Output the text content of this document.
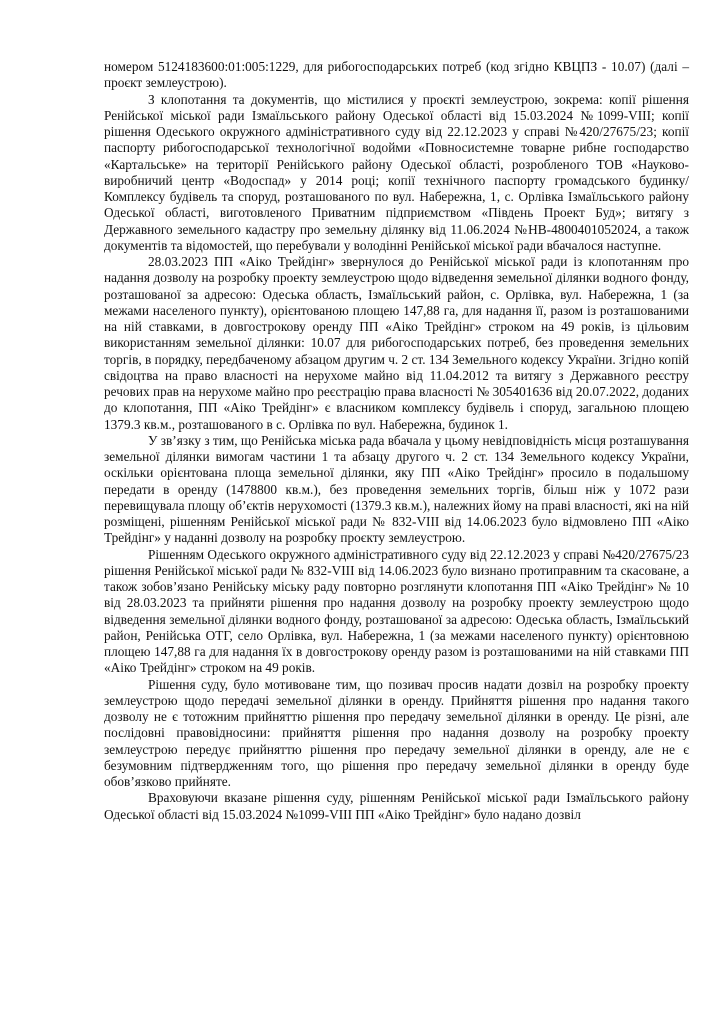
номером 5124183600:01:005:1229, для рибогосподарських потреб (код згідно КВЦПЗ - 10.07) (далі – проєкт землеустрою).

З клопотання та документів, що містилися у проєкті землеустрою, зокрема: копії рішення Ренійської міської ради Ізмаїльського району Одеської області від 15.03.2024 №1099-VIII; копії рішення Одеського окружного адміністративного суду від 22.12.2023 у справі №420/27675/23; копії паспорту рибогосподарської технологічної водойми «Повносистемне товарне рибне господарство «Картальське» на території Ренійського району Одеської області, розробленого ТОВ «Науково-виробничий центр «Водоспад» у 2014 році; копії технічного паспорту громадського будинку/Комплексу будівель та споруд, розташованого по вул. Набережна, 1, с. Орлівка Ізмаїльського району Одеської області, виготовленого Приватним підприємством «Південь Проект Буд»; витягу з Державного земельного кадастру про земельну ділянку від 11.06.2024 №НВ-4800401052024, а також документів та відомостей, що перебували у володінні Ренійської міської ради вбачалося наступне.

28.03.2023 ПП «Аіко Трейдінг» звернулося до Ренійської міської ради із клопотанням про надання дозволу на розробку проекту землеустрою щодо відведення земельної ділянки водного фонду, розташованої за адресою: Одеська область, Ізмаїльський район, с. Орлівка, вул. Набережна, 1 (за межами населеного пункту), орієнтованою площею 147,88 га, для надання її, разом із розташованими на ній ставками, в довгострокову оренду ПП «Аіко Трейдінг» строком на 49 років, із цільовим використанням земельної ділянки: 10.07 для рибогосподарських потреб, без проведення земельних торгів, в порядку, передбаченому абзацом другим ч. 2 ст. 134 Земельного кодексу України. Згідно копій свідоцтва на право власності на нерухоме майно від 11.04.2012 та витягу з Державного реєстру речових прав на нерухоме майно про реєстрацію права власності № 305401636 від 20.07.2022, доданих до клопотання, ПП «Аіко Трейдінг» є власником комплексу будівель і споруд, загальною площею 1379.3 кв.м., розташованого в с. Орлівка по вул. Набережна, будинок 1.

У зв’язку з тим, що Ренійська міська рада вбачала у цьому невідповідність місця розташування земельної ділянки вимогам частини 1 та абзацу другого ч. 2 ст. 134 Земельного кодексу України, оскільки орієнтована площа земельної ділянки, яку ПП «Аіко Трейдінг» просило в подальшому передати в оренду (1478800 кв.м.), без проведення земельних торгів, більш ніж у 1072 рази перевищувала площу об’єктів нерухомості (1379.3 кв.м.), належних йому на праві власності, які на ній розміщені, рішенням Ренійської міської ради № 832-VIII від 14.06.2023 було відмовлено ПП «Аіко Трейдінг» у наданні дозволу на розробку проєкту землеустрою.

Рішенням Одеського окружного адміністративного суду від 22.12.2023 у справі №420/27675/23 рішення Ренійської міської ради № 832-VIII від 14.06.2023 було визнано протиправним та скасоване, а також зобов’язано Ренійську міську раду повторно розглянути клопотання ПП «Аіко Трейдінг» № 10 від 28.03.2023 та прийняти рішення про надання дозволу на розробку проекту землеустрою щодо відведення земельної ділянки водного фонду, розташованої за адресою: Одеська область, Ізмаїльський район, Ренійська ОТГ, село Орлівка, вул. Набережна, 1 (за межами населеного пункту) орієнтовною площею 147,88 га для надання їх в довгострокову оренду разом із розташованими на ній ставками ПП «Аіко Трейдінг» строком на 49 років.

Рішення суду, було мотивоване тим, що позивач просив надати дозвіл на розробку проекту землеустрою щодо передачі земельної ділянки в оренду. Прийняття рішення про надання такого дозволу не є тотожним прийняттю рішення про передачу земельної ділянки в оренду. Це різні, але послідовні правовідносини: прийняття рішення про надання дозволу на розробку проекту землеустрою передує прийняттю рішення про передачу земельної ділянки в оренду, але не є безумовним підтвердженням того, що рішення про передачу земельної ділянки в оренду буде обов’язково прийняте.

Враховуючи вказане рішення суду, рішенням Ренійської міської ради Ізмаїльського району Одеської області від 15.03.2024 №1099-VIII ПП «Аіко Трейдінг» було надано дозвіл
